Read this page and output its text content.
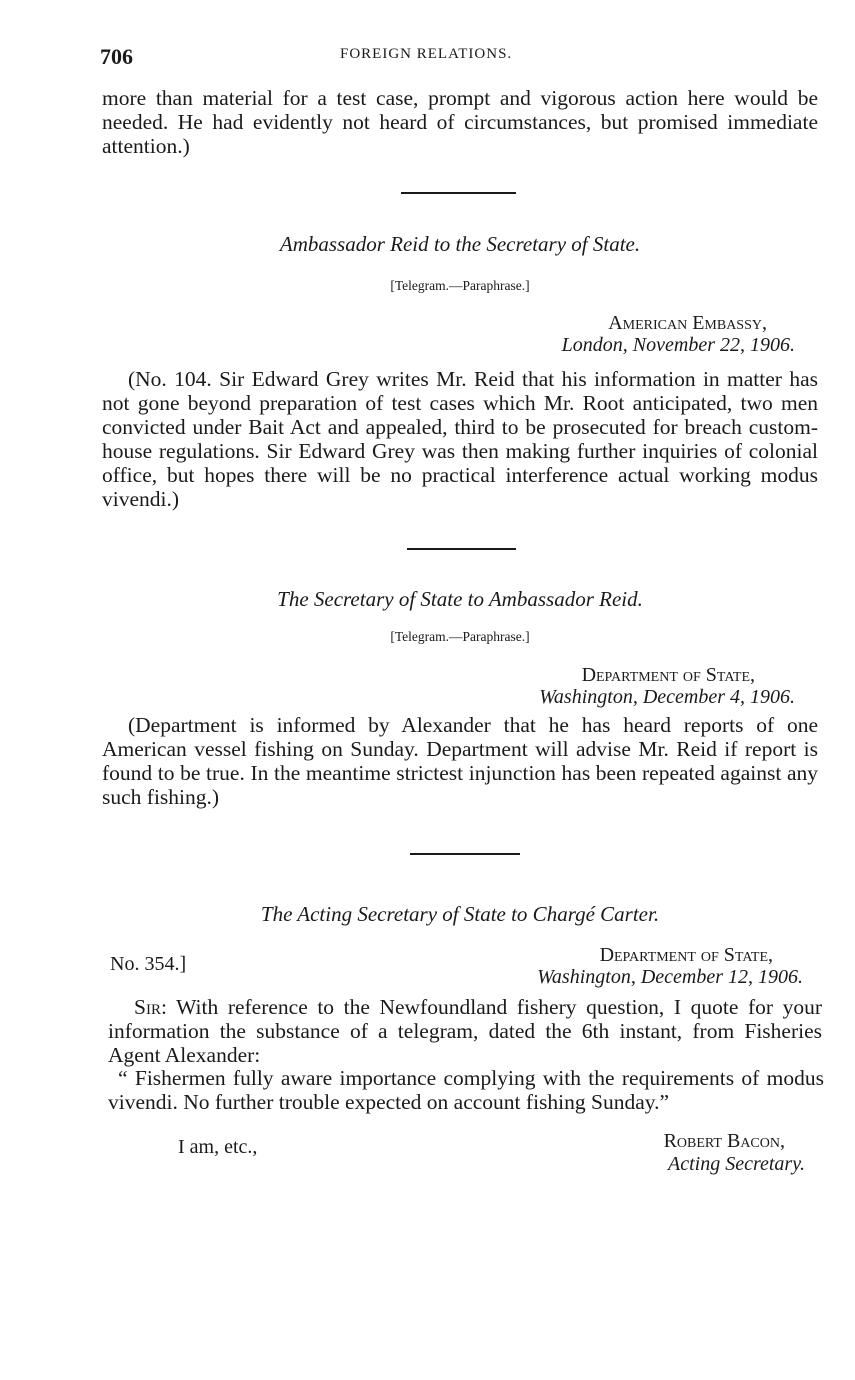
706	FOREIGN RELATIONS.

more than material for a test case, prompt and vigorous action here would be needed. He had evidently not heard of circumstances, but promised immediate attention.)

Ambassador Reid to the Secretary of State.

[Telegram.—Paraphrase.]

American Embassy,

London, November 22, 1906.

(No. 104. Sir Edward Grey writes Mr. Reid that his information in matter has not gone beyond preparation of test cases which Mr. Root anticipated, two men convicted under Bait Act and appealed, third to be prosecuted for breach custom-house regulations. Sir Edward Grey was then making further inquiries of colonial office, but hopes there will be no practical interference actual working modus vivendi.)

The Secretary of State to Ambassador Reid.

[Telegram.—Paraphrase.]

Department of State,

Washington, December 4, 1906.

(Department is informed by Alexander that he has heard reports of one American vessel fishing on Sunday. Department will advise Mr. Reid if report is found to be true. In the meantime strictest injunction has been repeated against any such fishing.)

The Acting Secretary of State to Chargé Carter.

No. 354.]	Department of State,

Washington, December 12, 1906.

Sir: With reference to the Newfoundland fishery question, I quote for your information the substance of a telegram, dated the 6th instant, from Fisheries Agent Alexander:

“ Fishermen fully aware importance complying with the requirements of modus vivendi. No further trouble expected on account fishing Sunday.”

I am, etc.,	Robert Bacon,

Acting Secretary.
